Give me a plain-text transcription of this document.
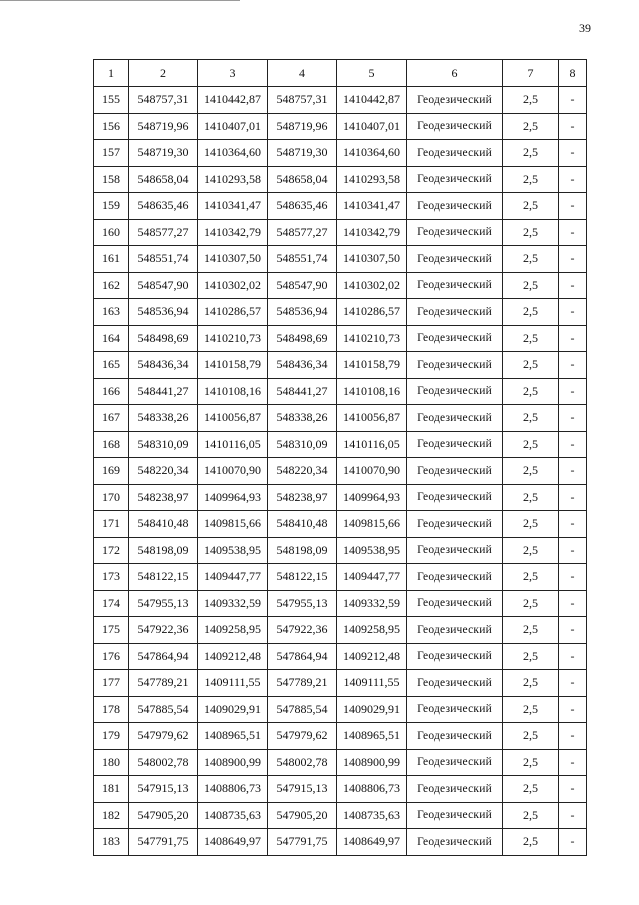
39
1	2	3	4	5	6	7	8
155	548757,31	1410442,87	548757,31	1410442,87	Геодезический	2,5	-
156	548719,96	1410407,01	548719,96	1410407,01	Геодезический	2,5	-
157	548719,30	1410364,60	548719,30	1410364,60	Геодезический	2,5	-
158	548658,04	1410293,58	548658,04	1410293,58	Геодезический	2,5	-
159	548635,46	1410341,47	548635,46	1410341,47	Геодезический	2,5	-
160	548577,27	1410342,79	548577,27	1410342,79	Геодезический	2,5	-
161	548551,74	1410307,50	548551,74	1410307,50	Геодезический	2,5	-
162	548547,90	1410302,02	548547,90	1410302,02	Геодезический	2,5	-
163	548536,94	1410286,57	548536,94	1410286,57	Геодезический	2,5	-
164	548498,69	1410210,73	548498,69	1410210,73	Геодезический	2,5	-
165	548436,34	1410158,79	548436,34	1410158,79	Геодезический	2,5	-
166	548441,27	1410108,16	548441,27	1410108,16	Геодезический	2,5	-
167	548338,26	1410056,87	548338,26	1410056,87	Геодезический	2,5	-
168	548310,09	1410116,05	548310,09	1410116,05	Геодезический	2,5	-
169	548220,34	1410070,90	548220,34	1410070,90	Геодезический	2,5	-
170	548238,97	1409964,93	548238,97	1409964,93	Геодезический	2,5	-
171	548410,48	1409815,66	548410,48	1409815,66	Геодезический	2,5	-
172	548198,09	1409538,95	548198,09	1409538,95	Геодезический	2,5	-
173	548122,15	1409447,77	548122,15	1409447,77	Геодезический	2,5	-
174	547955,13	1409332,59	547955,13	1409332,59	Геодезический	2,5	-
175	547922,36	1409258,95	547922,36	1409258,95	Геодезический	2,5	-
176	547864,94	1409212,48	547864,94	1409212,48	Геодезический	2,5	-
177	547789,21	1409111,55	547789,21	1409111,55	Геодезический	2,5	-
178	547885,54	1409029,91	547885,54	1409029,91	Геодезический	2,5	-
179	547979,62	1408965,51	547979,62	1408965,51	Геодезический	2,5	-
180	548002,78	1408900,99	548002,78	1408900,99	Геодезический	2,5	-
181	547915,13	1408806,73	547915,13	1408806,73	Геодезический	2,5	-
182	547905,20	1408735,63	547905,20	1408735,63	Геодезический	2,5	-
183	547791,75	1408649,97	547791,75	1408649,97	Геодезический	2,5	-
